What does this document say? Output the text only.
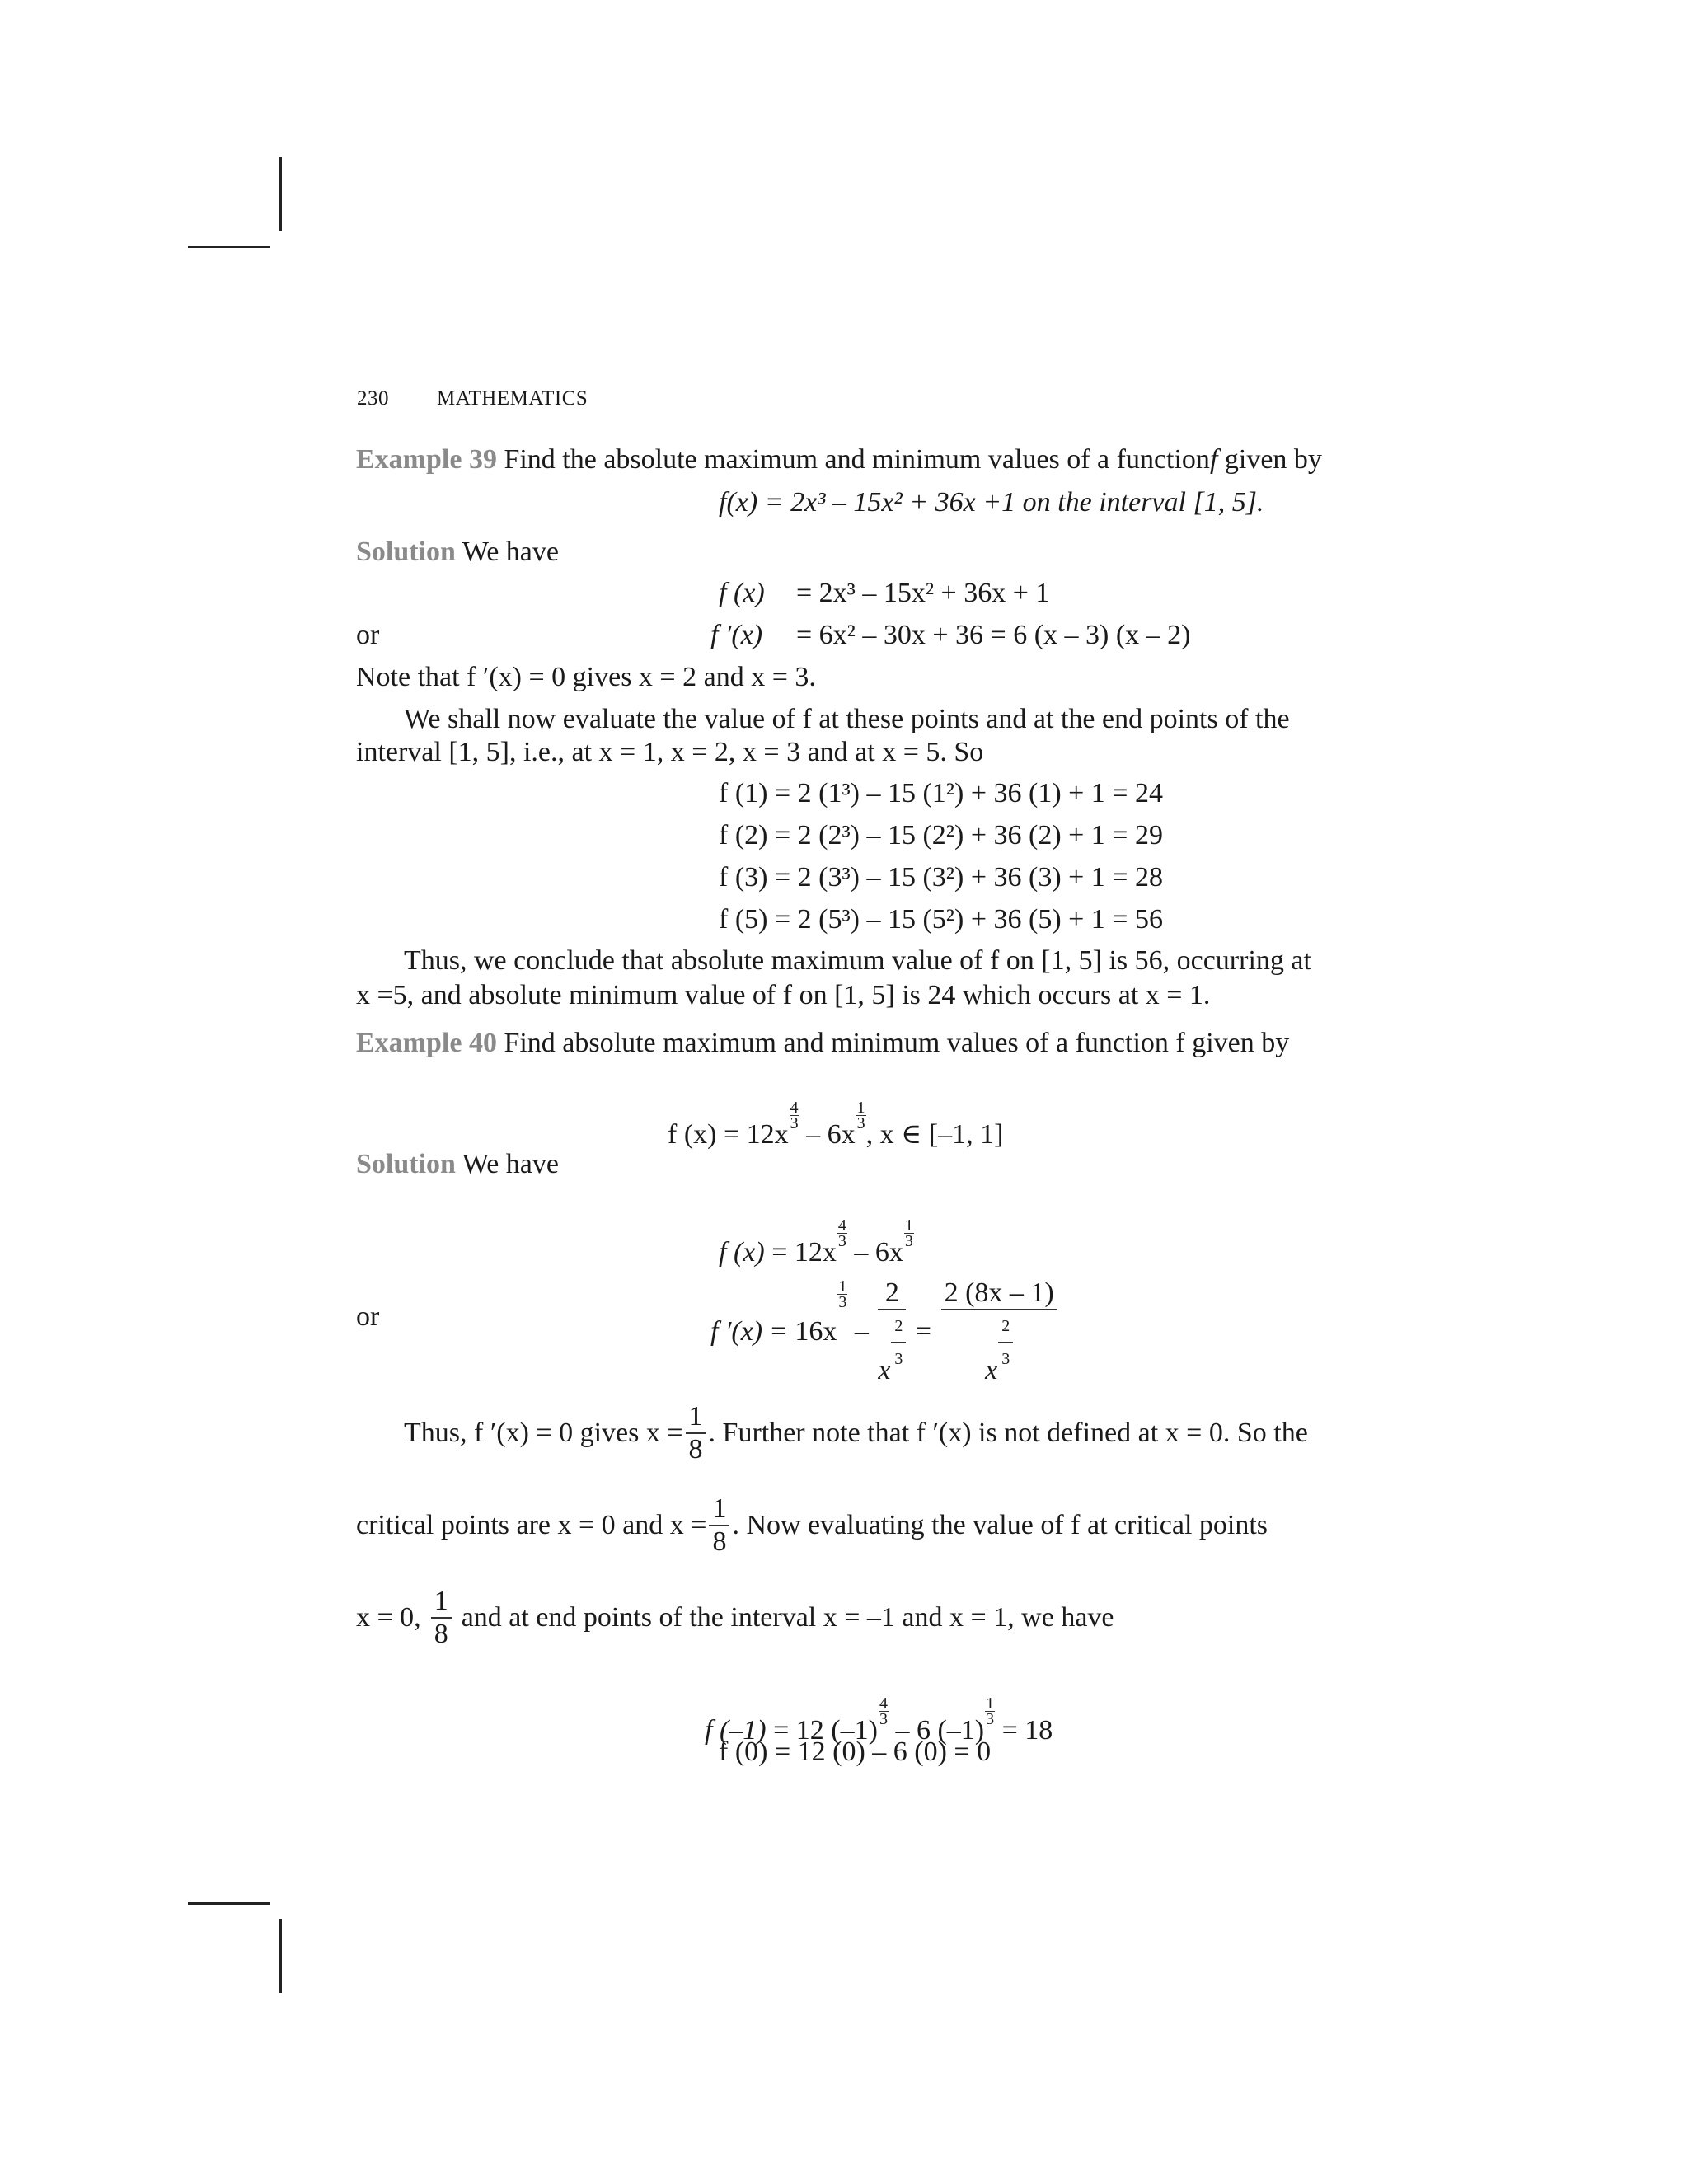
230 MATHEMATICS
Example 39 Find the absolute maximum and minimum values of a functionf given by
f(x) = 2x³ – 15x² + 36x +1 on the interval [1, 5].
Solution We have
f (x) = 2x³ – 15x² + 36x + 1
or	f ′(x) = 6x² – 30x + 36 = 6 (x – 3) (x – 2)
Note that f ′(x) = 0 gives x = 2 and x = 3.
We shall now evaluate the value of f at these points and at the end points of the
interval [1, 5], i.e., at x = 1, x = 2, x = 3 and at x = 5. So
f (1) = 2 (1³) – 15 (1²) + 36 (1) + 1 = 24
f (2) = 2 (2³) – 15 (2²) + 36 (2) + 1 = 29
f (3) = 2 (3³) – 15 (3²) + 36 (3) + 1 = 28
f (5) = 2 (5³) – 15 (5²) + 36 (5) + 1 = 56
Thus, we conclude that absolute maximum value of f on [1, 5] is 56, occurring at
x =5, and absolute minimum value of f on [1, 5] is 24 which occurs at x = 1.
Example 40 Find absolute maximum and minimum values of a function f given by
f (x) = 12x
$\frac{4}{3}$
– 6x
$\frac{1}{3}$
, x ∈ [–1, 1]
Solution We have
f (x) = 12x
$\frac{4}{3}$
– 6x
$\frac{1}{3}$
or	f ′(x) = 16x
1
3
– $\frac{2}{x \frac{2}{3}} = \frac{2 (8x - 1)}{x \frac{2}{3}}$
Thus, f ′(x) = 0 gives $x = \frac{1}{8}$ . Further note that f ′(x) is not defined at x = 0. So the
critical points are x = 0 and $x = \frac{1}{8}$ . Now evaluating the value of f at critical points
x = 0, $\frac{1}{8}$ and at end points of the interval x = –1 and x = 1, we have
f (–1) = 12 (–1)
$\frac{4}{3}$
– 6 (–1)
$\frac{1}{3}$
= 18
f (0) = 12 (0) – 6 (0) = 0
